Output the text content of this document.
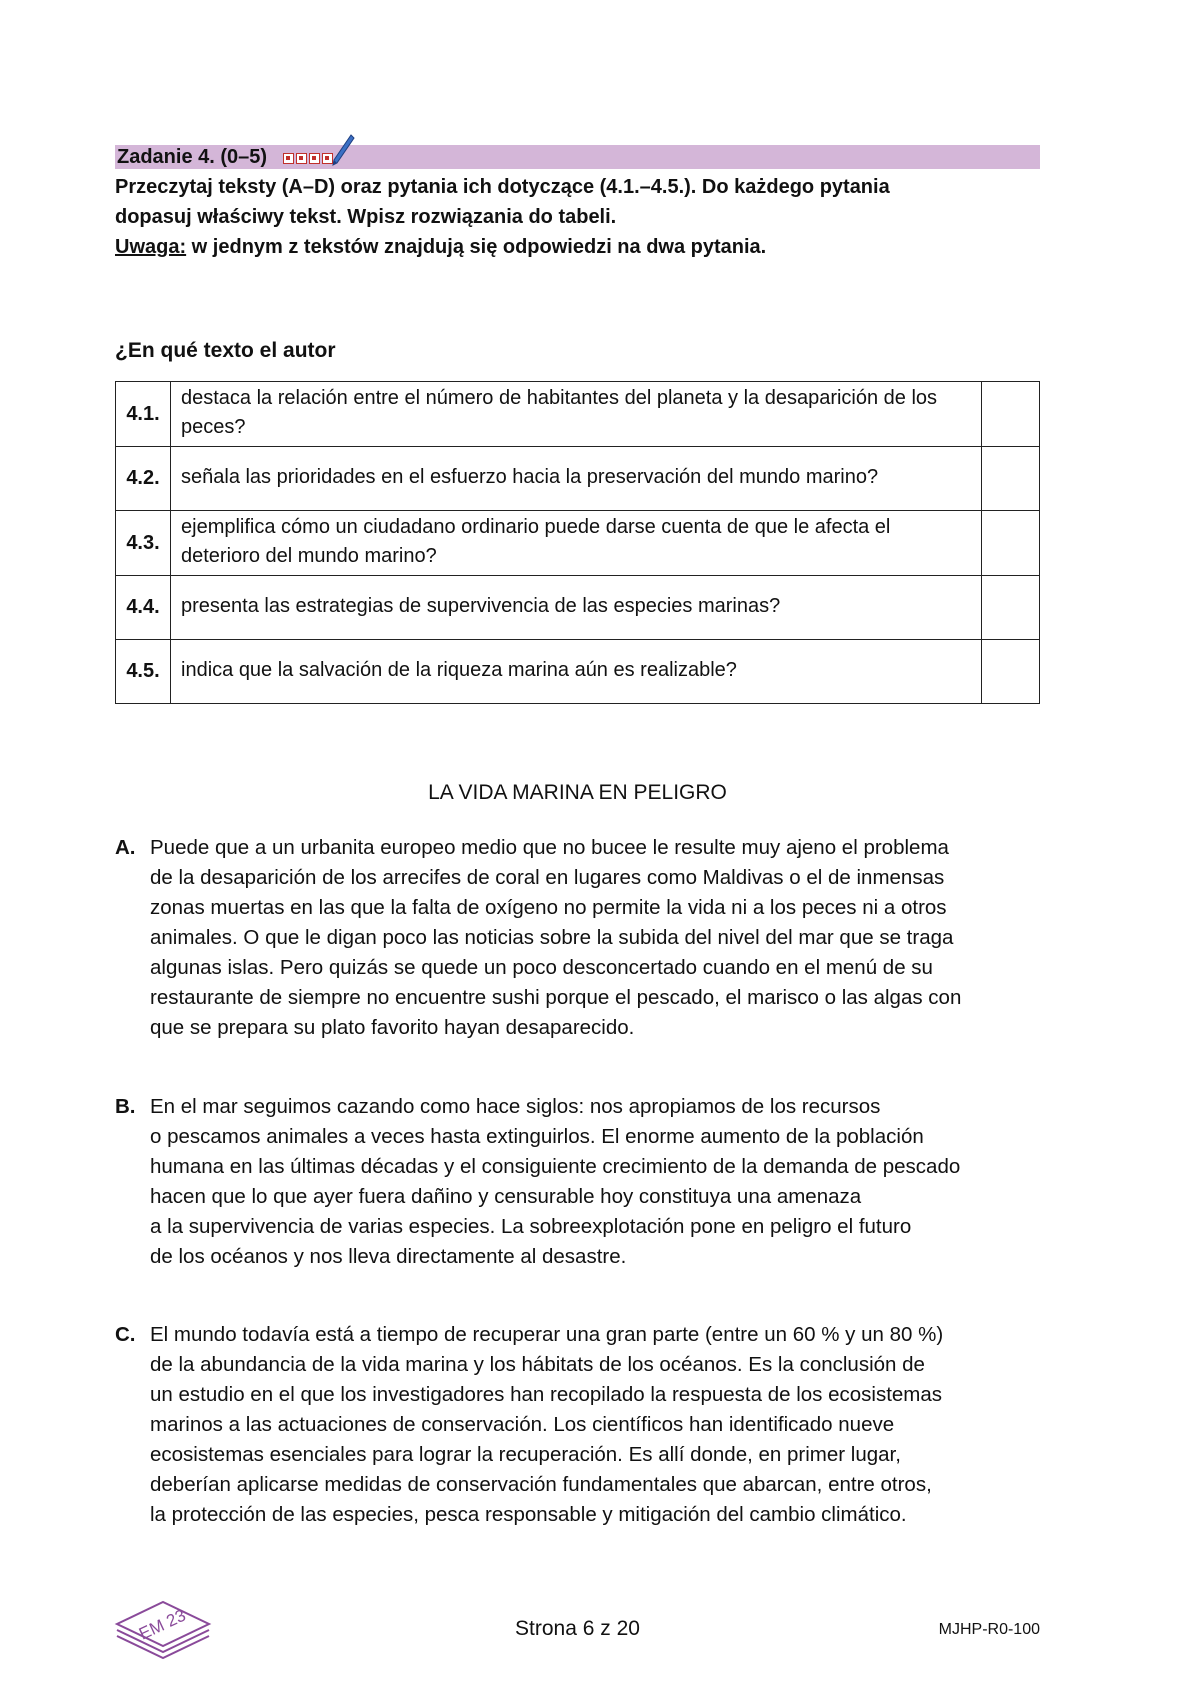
Zadanie 4. (0–5)
Przeczytaj teksty (A–D) oraz pytania ich dotyczące (4.1.–4.5.). Do każdego pytania
dopasuj właściwy tekst. Wpisz rozwiązania do tabeli.
Uwaga: w jednym z tekstów znajdują się odpowiedzi na dwa pytania.
¿En qué texto el autor
4.1.	destaca la relación entre el número de habitantes del planeta y la desaparición de los peces?	
4.2.	señala las prioridades en el esfuerzo hacia la preservación del mundo marino?	
4.3.	ejemplifica cómo un ciudadano ordinario puede darse cuenta de que le afecta el deterioro del mundo marino?	
4.4.	presenta las estrategias de supervivencia de las especies marinas?	
4.5.	indica que la salvación de la riqueza marina aún es realizable?	
LA VIDA MARINA EN PELIGRO
A. Puede que a un urbanita europeo medio que no bucee le resulte muy ajeno el problema
de la desaparición de los arrecifes de coral en lugares como Maldivas o el de inmensas
zonas muertas en las que la falta de oxígeno no permite la vida ni a los peces ni a otros
animales. O que le digan poco las noticias sobre la subida del nivel del mar que se traga
algunas islas. Pero quizás se quede un poco desconcertado cuando en el menú de su
restaurante de siempre no encuentre sushi porque el pescado, el marisco o las algas con
que se prepara su plato favorito hayan desaparecido.
B. En el mar seguimos cazando como hace siglos: nos apropiamos de los recursos
o pescamos animales a veces hasta extinguirlos. El enorme aumento de la población
humana en las últimas décadas y el consiguiente crecimiento de la demanda de pescado
hacen que lo que ayer fuera dañino y censurable hoy constituya una amenaza
a la supervivencia de varias especies. La sobreexplotación pone en peligro el futuro
de los océanos y nos lleva directamente al desastre.
C. El mundo todavía está a tiempo de recuperar una gran parte (entre un 60 % y un 80 %)
de la abundancia de la vida marina y los hábitats de los océanos. Es la conclusión de
un estudio en el que los investigadores han recopilado la respuesta de los ecosistemas
marinos a las actuaciones de conservación. Los científicos han identificado nueve
ecosistemas esenciales para lograr la recuperación. Es allí donde, en primer lugar,
deberían aplicarse medidas de conservación fundamentales que abarcan, entre otros,
la protección de las especies, pesca responsable y mitigación del cambio climático.
EM 23	Strona 6 z 20	MJHP-R0-100
